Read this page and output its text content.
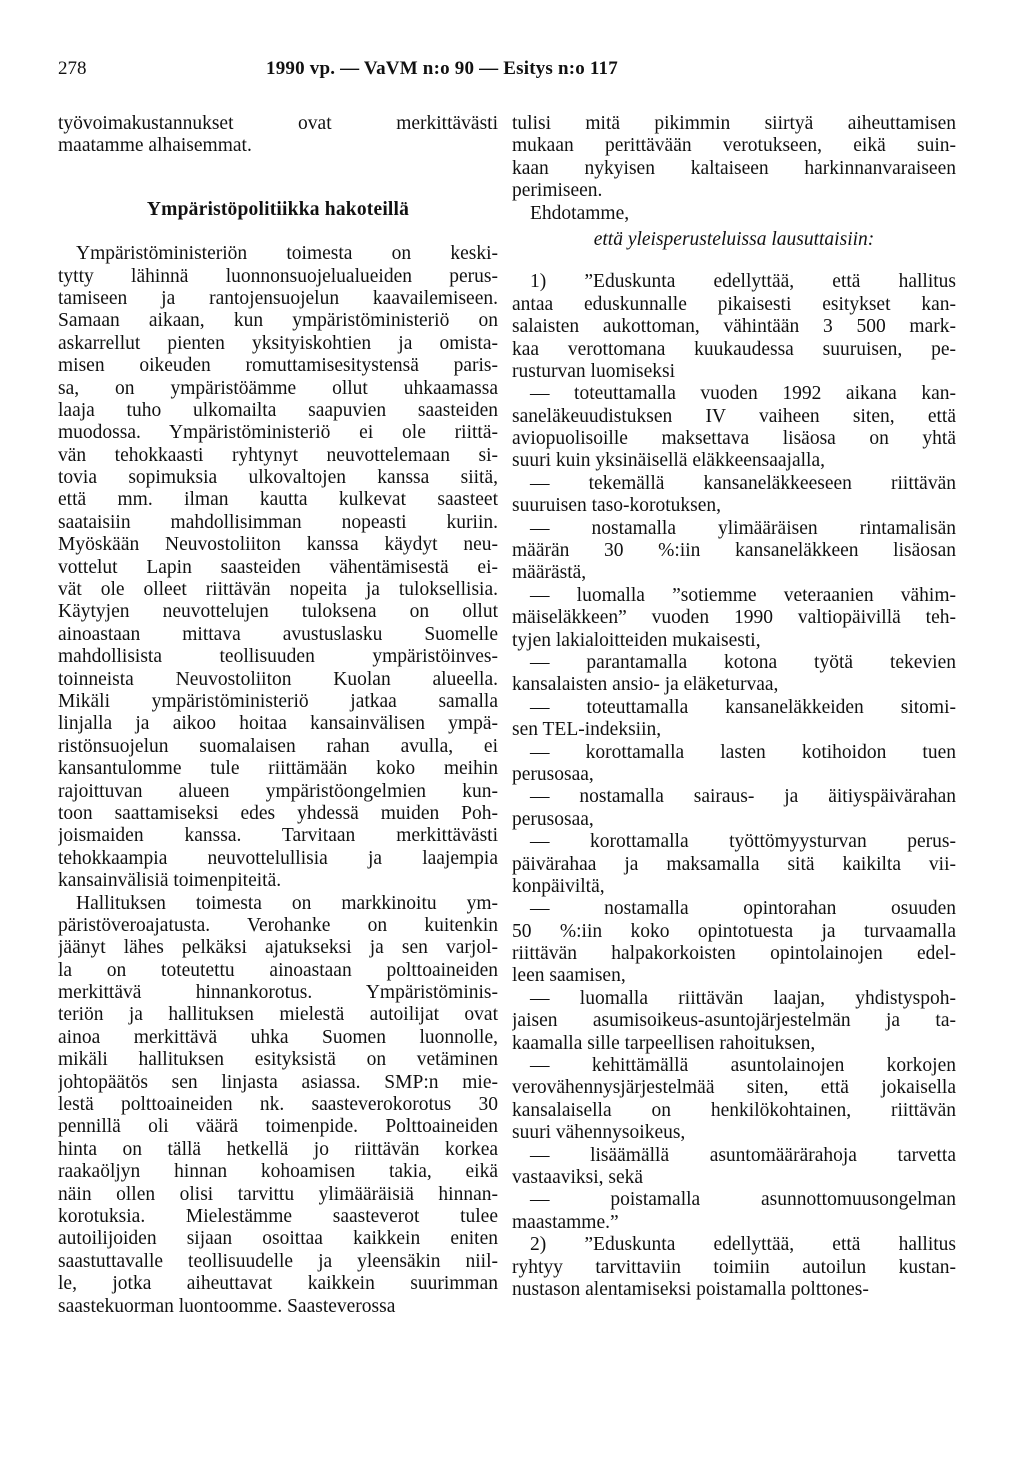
278	1990 vp. — VaVM n:o 90 — Esitys n:o 117
työvoimakustannukset ovat merkittävästi
maatamme alhaisemmat.
Ympäristöpolitiikka hakoteillä
Ympäristöministeriön toimesta on keski-
tytty lähinnä luonnonsuojelualueiden perus-
tamiseen ja rantojensuojelun kaavailemiseen.
Samaan aikaan, kun ympäristöministeriö on
askarrellut pienten yksityiskohtien ja omista-
misen oikeuden romuttamisesitystensä paris-
sa, on ympäristöämme ollut uhkaamassa
laaja tuho ulkomailta saapuvien saasteiden
muodossa. Ympäristöministeriö ei ole riittä-
vän tehokkaasti ryhtynyt neuvottelemaan si-
tovia sopimuksia ulkovaltojen kanssa siitä,
että mm. ilman kautta kulkevat saasteet
saataisiin mahdollisimman nopeasti kuriin.
Myöskään Neuvostoliiton kanssa käydyt neu-
vottelut Lapin saasteiden vähentämisestä ei-
vät ole olleet riittävän nopeita ja tuloksellisia.
Käytyjen neuvottelujen tuloksena on ollut
ainoastaan mittava avustuslasku Suomelle
mahdollisista teollisuuden ympäristöinves-
toinneista Neuvostoliiton Kuolan alueella.
Mikäli ympäristöministeriö jatkaa samalla
linjalla ja aikoo hoitaa kansainvälisen ympä-
ristönsuojelun suomalaisen rahan avulla, ei
kansantulomme tule riittämään koko meihin
rajoittuvan alueen ympäristöongelmien kun-
toon saattamiseksi edes yhdessä muiden Poh-
joismaiden kanssa. Tarvitaan merkittävästi
tehokkaampia neuvottelullisia ja laajempia
kansainvälisiä toimenpiteitä.
Hallituksen toimesta on markkinoitu ym-
päristöveroajatusta. Verohanke on kuitenkin
jäänyt lähes pelkäksi ajatukseksi ja sen varjol-
la on toteutettu ainoastaan polttoaineiden
merkittävä hinnankorotus. Ympäristöminis-
teriön ja hallituksen mielestä autoilijat ovat
ainoa merkittävä uhka Suomen luonnolle,
mikäli hallituksen esityksistä on vetäminen
johtopäätös sen linjasta asiassa. SMP:n mie-
lestä polttoaineiden nk. saasteverokorotus 30
pennillä oli väärä toimenpide. Polttoaineiden
hinta on tällä hetkellä jo riittävän korkea
raakaöljyn hinnan kohoamisen takia, eikä
näin ollen olisi tarvittu ylimääräisiä hinnan-
korotuksia. Mielestämme saasteverot tulee
autoilijoiden sijaan osoittaa kaikkein eniten
saastuttavalle teollisuudelle ja yleensäkin niil-
le, jotka aiheuttavat kaikkein suurimman
saastekuorman luontoomme. Saasteverossa
tulisi mitä pikimmin siirtyä aiheuttamisen
mukaan perittävään verotukseen, eikä suin-
kaan nykyisen kaltaiseen harkinnanvaraiseen
perimiseen.
Ehdotamme,
että yleisperusteluissa lausuttaisiin:
1) ”Eduskunta edellyttää, että hallitus
antaa eduskunnalle pikaisesti esitykset kan-
salaisten aukottoman, vähintään 3 500 mark-
kaa verottomana kuukaudessa suuruisen, pe-
rusturvan luomiseksi
— toteuttamalla vuoden 1992 aikana kan-
saneläkeuudistuksen IV vaiheen siten, että
aviopuolisoille maksettava lisäosa on yhtä
suuri kuin yksinäisellä eläkkeensaajalla,
— tekemällä kansaneläkkeeseen riittävän
suuruisen taso-korotuksen,
— nostamalla ylimääräisen rintamalisän
määrän 30 %:iin kansaneläkkeen lisäosan
määrästä,
— luomalla ”sotiemme veteraanien vähim-
mäiseläkkeen” vuoden 1990 valtiopäivillä teh-
tyjen lakialoitteiden mukaisesti,
— parantamalla kotona työtä tekevien
kansalaisten ansio- ja eläketurvaa,
— toteuttamalla kansaneläkkeiden sitomi-
sen TEL-indeksiin,
— korottamalla lasten kotihoidon tuen
perusosaa,
— nostamalla sairaus- ja äitiyspäivärahan
perusosaa,
— korottamalla työttömyysturvan perus-
päivärahaa ja maksamalla sitä kaikilta vii-
konpäiviltä,
— nostamalla opintorahan osuuden
50 %:iin koko opintotuesta ja turvaamalla
riittävän halpakorkoisten opintolainojen edel-
leen saamisen,
— luomalla riittävän laajan, yhdistyspoh-
jaisen asumisoikeus-asuntojärjestelmän ja ta-
kaamalla sille tarpeellisen rahoituksen,
— kehittämällä asuntolainojen korkojen
verovähennysjärjestelmää siten, että jokaisella
kansalaisella on henkilökohtainen, riittävän
suuri vähennysoikeus,
— lisäämällä asuntomäärärahoja tarvetta
vastaaviksi, sekä
— poistamalla asunnottomuusongelman
maastamme.”
2) ”Eduskunta edellyttää, että hallitus
ryhtyy tarvittaviin toimiin autoilun kustan-
nustason alentamiseksi poistamalla polttones-
